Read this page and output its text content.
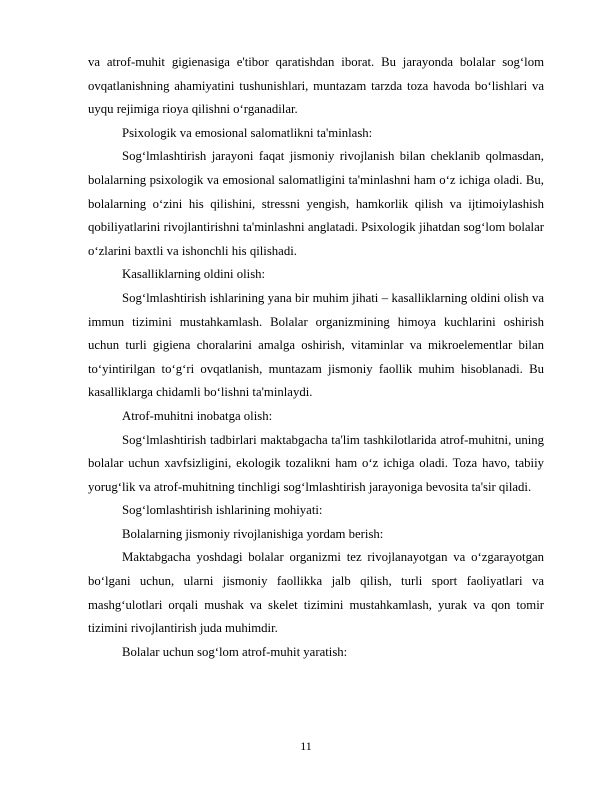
va atrof-muhit gigienasiga e'tibor qaratishdan iborat. Bu jarayonda bolalar sog‘lom ovqatlanishning ahamiyatini tushunishlari, muntazam tarzda toza havoda bo‘lishlari va uyqu rejimiga rioya qilishni o‘rganadilar.

Psixologik va emosional salomatlikni ta'minlash:

Sog‘lmlashtirish jarayoni faqat jismoniy rivojlanish bilan cheklanib qolmasdan, bolalarning psixologik va emosional salomatligini ta'minlashni ham o‘z ichiga oladi. Bu, bolalarning o‘zini his qilishini, stressni yengish, hamkorlik qilish va ijtimoiylashish qobiliyatlarini rivojlantirishni ta'minlashni anglatadi. Psixologik jihatdan sog‘lom bolalar o‘zlarini baxtli va ishonchli his qilishadi.

Kasalliklarning oldini olish:

Sog‘lmlashtirish ishlarining yana bir muhim jihati – kasalliklarning oldini olish va immun tizimini mustahkamlash. Bolalar organizmining himoya kuchlarini oshirish uchun turli gigiena choralarini amalga oshirish, vitaminlar va mikroelementlar bilan to‘yintirilgan to‘g‘ri ovqatlanish, muntazam jismoniy faollik muhim hisoblanadi. Bu kasalliklarga chidamli bo‘lishni ta'minlaydi.

Atrof-muhitni inobatga olish:

Sog‘lmlashtirish tadbirlari maktabgacha ta'lim tashkilotlarida atrof-muhitni, uning bolalar uchun xavfsizligini, ekologik tozalikni ham o‘z ichiga oladi. Toza havo, tabiiy yorug‘lik va atrof-muhitning tinchligi sog‘lmlashtirish jarayoniga bevosita ta'sir qiladi.

Sog‘lomlashtirish ishlarining mohiyati:

Bolalarning jismoniy rivojlanishiga yordam berish:

Maktabgacha yoshdagi bolalar organizmi tez rivojlanayotgan va o‘zgarayotgan bo‘lgani uchun, ularni jismoniy faollikka jalb qilish, turli sport faoliyatlari va mashg‘ulotlari orqali mushak va skelet tizimini mustahkamlash, yurak va qon tomir tizimini rivojlantirish juda muhimdir.

Bolalar uchun sog‘lom atrof-muhit yaratish:

11
